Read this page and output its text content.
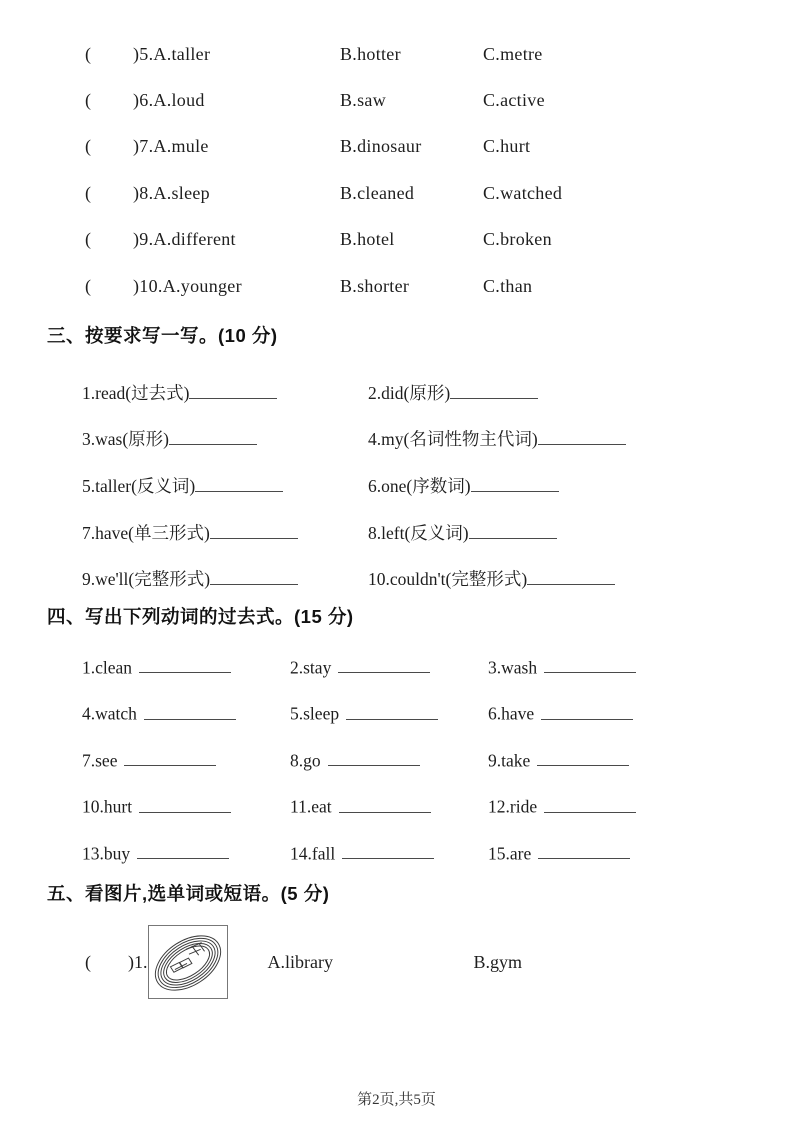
(	)5.A.taller	B.hotter	C.metre
(	)6.A.loud	B.saw	C.active
(	)7.A.mule	B.dinosaur	C.hurt
(	)8.A.sleep	B.cleaned	C.watched
(	)9.A.different	B.hotel	C.broken
(	)10.A.younger	B.shorter	C.than
三、按要求写一写。(10 分)
1.read(过去式)	2.did(原形)
3.was(原形)	4.my(名词性物主代词)
5.taller(反义词)	6.one(序数词)
7.have(单三形式)	8.left(反义词)
9.we'll(完整形式)	10.couldn't(完整形式)
四、写出下列动词的过去式。(15 分)
1.clean	2.stay	3.wash
4.watch	5.sleep	6.have
7.see	8.go	9.take
10.hurt	11.eat	12.ride
13.buy	14.fall	15.are
五、看图片,选单词或短语。(5 分)
(	)1.	A.library	B.gym
第2页,共5页
